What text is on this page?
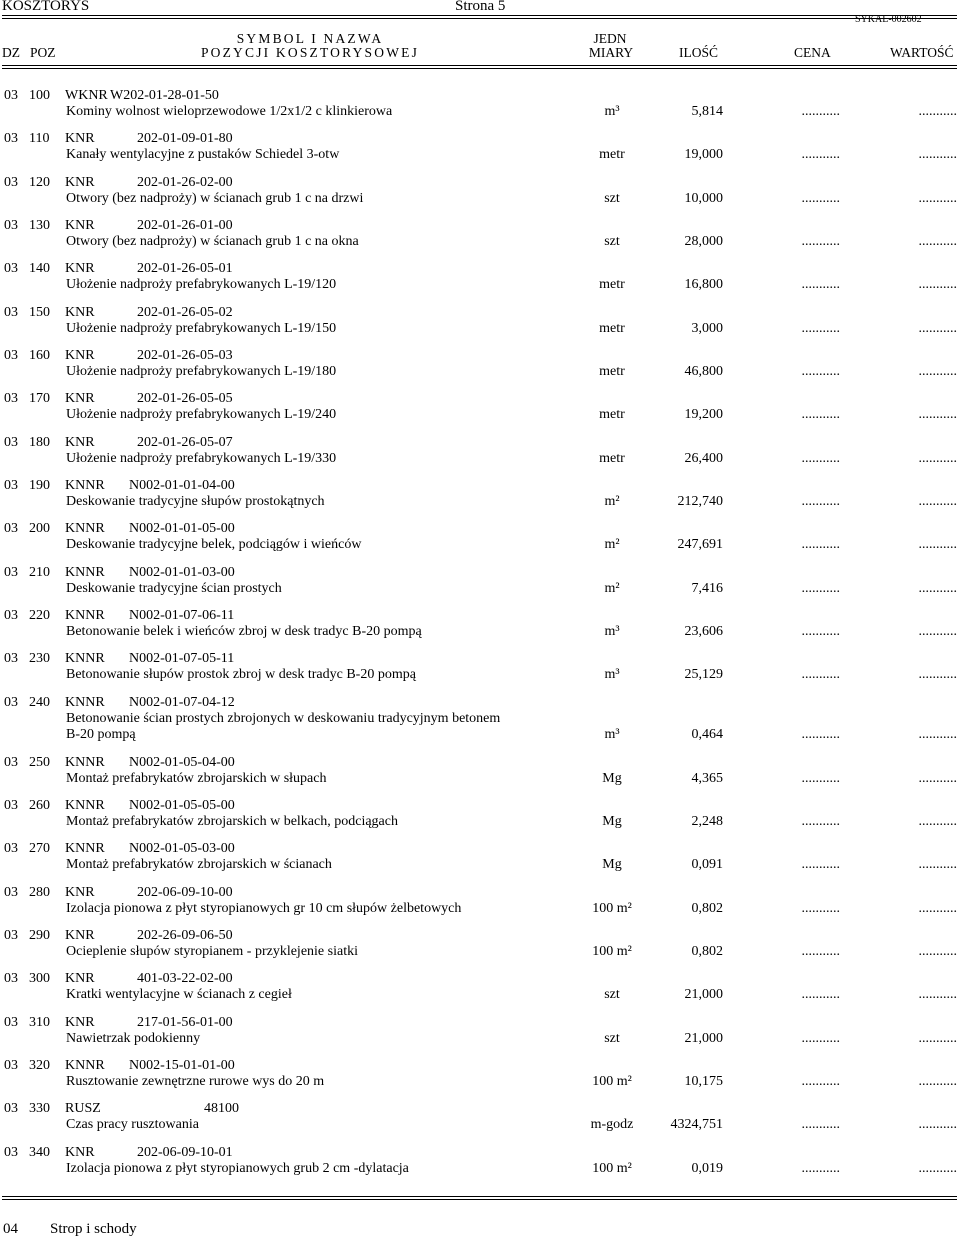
KOSZTORYS	Strona 5
SYKAL-002602
SYMBOL I NAZWA	JEDN
DZ POZ	POZYCJI KOSZTORYSOWEJ	MIARY	ILOŚĆ	CENA	WARTOŚĆ
03 100 WKNR W202-01-28-01-50
Kominy wolnost wieloprzewodowe 1/2x1/2 c klinkierowa	m³	5,814	...........	...........
03 110 KNR	202-01-09-01-80
Kanały wentylacyjne z pustaków Schiedel 3-otw	metr	19,000	...........	...........
03 120 KNR	202-01-26-02-00
Otwory (bez nadproży) w ścianach grub 1 c na drzwi	szt	10,000	...........	...........
03 130 KNR	202-01-26-01-00
Otwory (bez nadproży) w ścianach grub 1 c na okna	szt	28,000	...........	...........
03 140 KNR	202-01-26-05-01
Ułożenie nadproży prefabrykowanych L-19/120	metr	16,800	...........	...........
03 150 KNR	202-01-26-05-02
Ułożenie nadproży prefabrykowanych L-19/150	metr	3,000	...........	...........
03 160 KNR	202-01-26-05-03
Ułożenie nadproży prefabrykowanych L-19/180	metr	46,800	...........	...........
03 170 KNR	202-01-26-05-05
Ułożenie nadproży prefabrykowanych L-19/240	metr	19,200	...........	...........
03 180 KNR	202-01-26-05-07
Ułożenie nadproży prefabrykowanych L-19/330	metr	26,400	...........	...........
03 190 KNNR N002-01-01-04-00
Deskowanie tradycyjne słupów prostokątnych	m²	212,740	...........	...........
03 200 KNNR N002-01-01-05-00
Deskowanie tradycyjne belek, podciągów i wieńców	m²	247,691	...........	...........
03 210 KNNR N002-01-01-03-00
Deskowanie tradycyjne ścian prostych	m²	7,416	...........	...........
03 220 KNNR N002-01-07-06-11
Betonowanie belek i wieńców zbroj w desk tradyc B-20 pompą	m³	23,606	...........	...........
03 230 KNNR N002-01-07-05-11
Betonowanie słupów prostok zbroj w desk tradyc B-20 pompą	m³	25,129	...........	...........
03 240 KNNR N002-01-07-04-12
Betonowanie ścian prostych zbrojonych w deskowaniu tradycyjnym betonem
B-20 pompą	m³	0,464	...........	...........
03 250 KNNR N002-01-05-04-00
Montaż prefabrykatów zbrojarskich w słupach	Mg	4,365	...........	...........
03 260 KNNR N002-01-05-05-00
Montaż prefabrykatów zbrojarskich w belkach, podciągach	Mg	2,248	...........	...........
03 270 KNNR N002-01-05-03-00
Montaż prefabrykatów zbrojarskich w ścianach	Mg	0,091	...........	...........
03 280 KNR	202-06-09-10-00
Izolacja pionowa z płyt styropianowych gr 10 cm słupów żelbetowych	100 m²	0,802	...........	...........
03 290 KNR	202-26-09-06-50
Ocieplenie słupów styropianem - przyklejenie siatki	100 m²	0,802	...........	...........
03 300 KNR	401-03-22-02-00
Kratki wentylacyjne w ścianach z cegieł	szt	21,000	...........	...........
03 310 KNR	217-01-56-01-00
Nawietrzak podokienny	szt	21,000	...........	...........
03 320 KNNR N002-15-01-01-00
Rusztowanie zewnętrzne rurowe wys do 20 m	100 m²	10,175	...........	...........
03 330 RUSZ	48100
Czas pracy rusztowania	m-godz	4324,751	...........	...........
03 340 KNR	202-06-09-10-01
Izolacja pionowa z płyt styropianowych grub 2 cm -dylatacja	100 m²	0,019	...........	...........
04 Strop i schody
